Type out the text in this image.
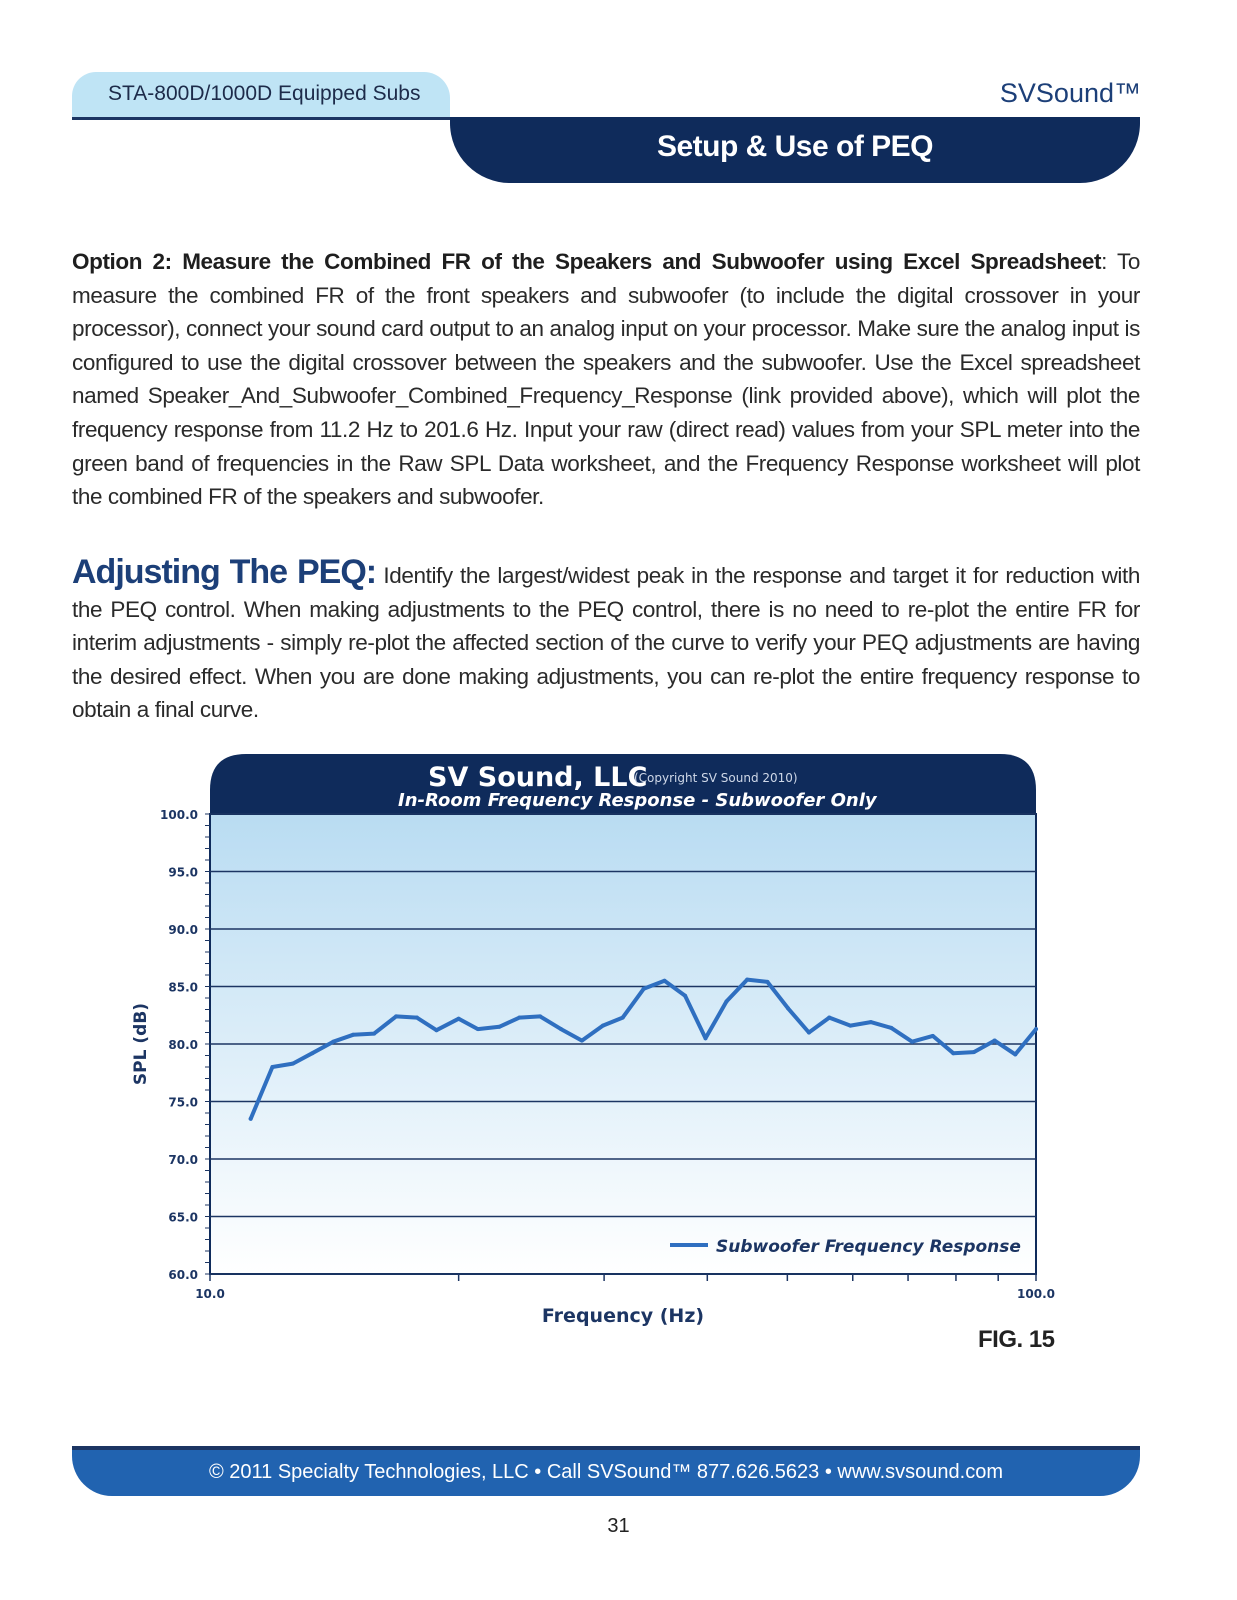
STA-800D/1000D Equipped Subs	SVSound™
Setup & Use of PEQ
Option 2: Measure the Combined FR of the Speakers and Subwoofer using Excel Spreadsheet: To measure the combined FR of the front speakers and subwoofer (to include the digital crossover in your processor), connect your sound card output to an analog input on your processor. Make sure the analog input is configured to use the digital crossover between the speakers and the subwoofer. Use the Excel spreadsheet named Speaker_And_Subwoofer_Combined_Frequency_Response (link provided above), which will plot the frequency response from 11.2 Hz to 201.6 Hz. Input your raw (direct read) values from your SPL meter into the green band of frequencies in the Raw SPL Data worksheet, and the Frequency Response worksheet will plot the combined FR of the speakers and subwoofer.
Adjusting The PEQ: Identify the largest/widest peak in the response and target it for reduction with the PEQ control. When making adjustments to the PEQ control, there is no need to re-plot the entire FR for interim adjustments - simply re-plot the affected section of the curve to verify your PEQ adjustments are having the desired effect. When you are done making adjustments, you can re-plot the entire frequency response to obtain a final curve.
100.0
95.0
90.0
85.0
80.0
75.0
70.0
65.0
60.0
10.0	100.0
SV Sound, LLC
(Copyright SV Sound 2010)
In-Room Frequency Response - Subwoofer Only
Frequency (Hz)
SPL (dB)
Subwoofer Frequency Response
FIG. 15
© 2011 Specialty Technologies, LLC • Call SVSound™ 877.626.5623 • www.svsound.com
31
